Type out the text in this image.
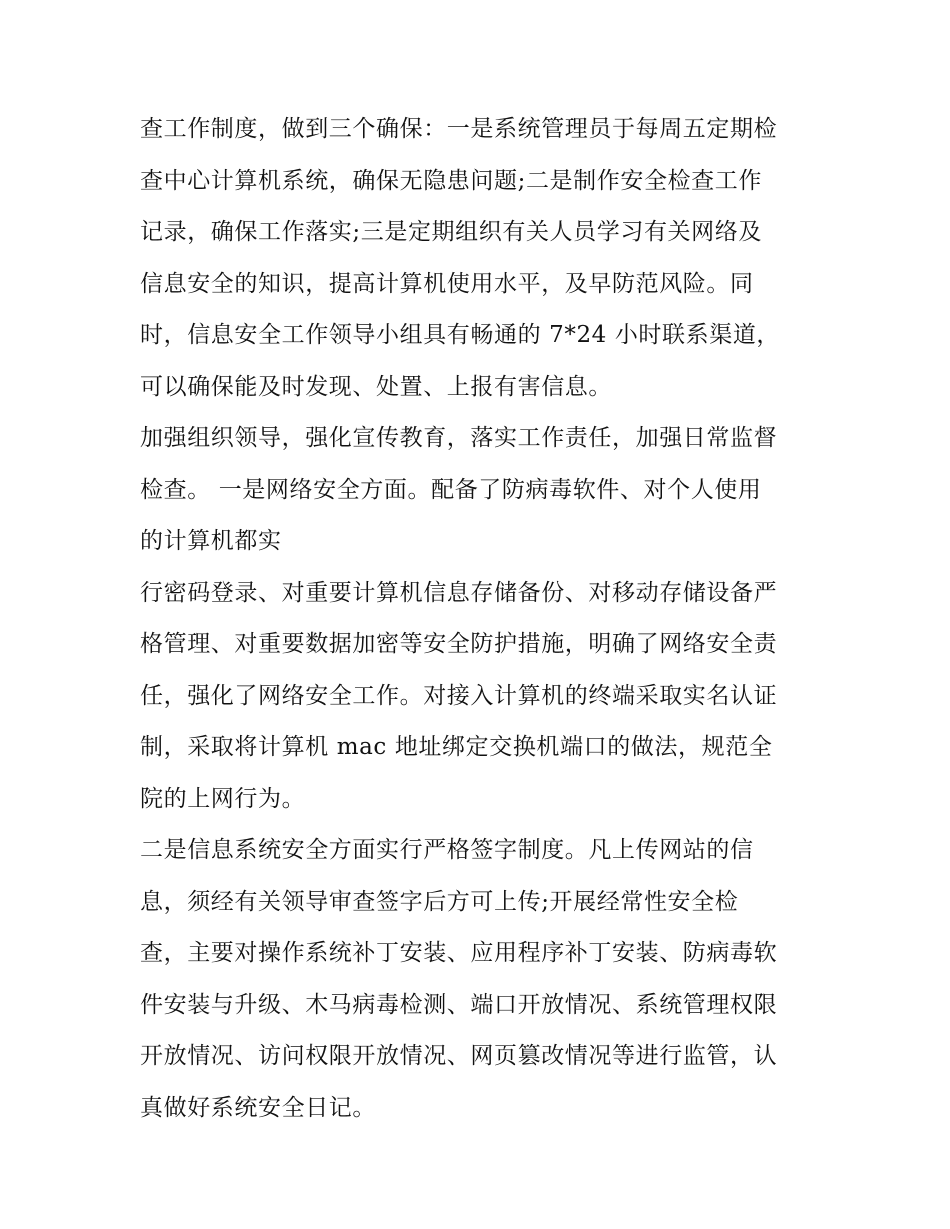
查工作制度，做到三个确保：一是系统管理员于每周五定期检
查中心计算机系统，确保无隐患问题;二是制作安全检查工作
记录，确保工作落实;三是定期组织有关人员学习有关网络及
信息安全的知识，提高计算机使用水平，及早防范风险。同
时，信息安全工作领导小组具有畅通的 7*24 小时联系渠道，
可以确保能及时发现、处置、上报有害信息。
加强组织领导，强化宣传教育，落实工作责任，加强日常监督
检查。 一是网络安全方面。配备了防病毒软件、对个人使用
的计算机都实
行密码登录、对重要计算机信息存储备份、对移动存储设备严
格管理、对重要数据加密等安全防护措施，明确了网络安全责
任，强化了网络安全工作。对接入计算机的终端采取实名认证
制，采取将计算机 mac 地址绑定交换机端口的做法，规范全
院的上网行为。
二是信息系统安全方面实行严格签字制度。凡上传网站的信
息，须经有关领导审查签字后方可上传;开展经常性安全检
查，主要对操作系统补丁安装、应用程序补丁安装、防病毒软
件安装与升级、木马病毒检测、端口开放情况、系统管理权限
开放情况、访问权限开放情况、网页篡改情况等进行监管，认
真做好系统安全日记。
